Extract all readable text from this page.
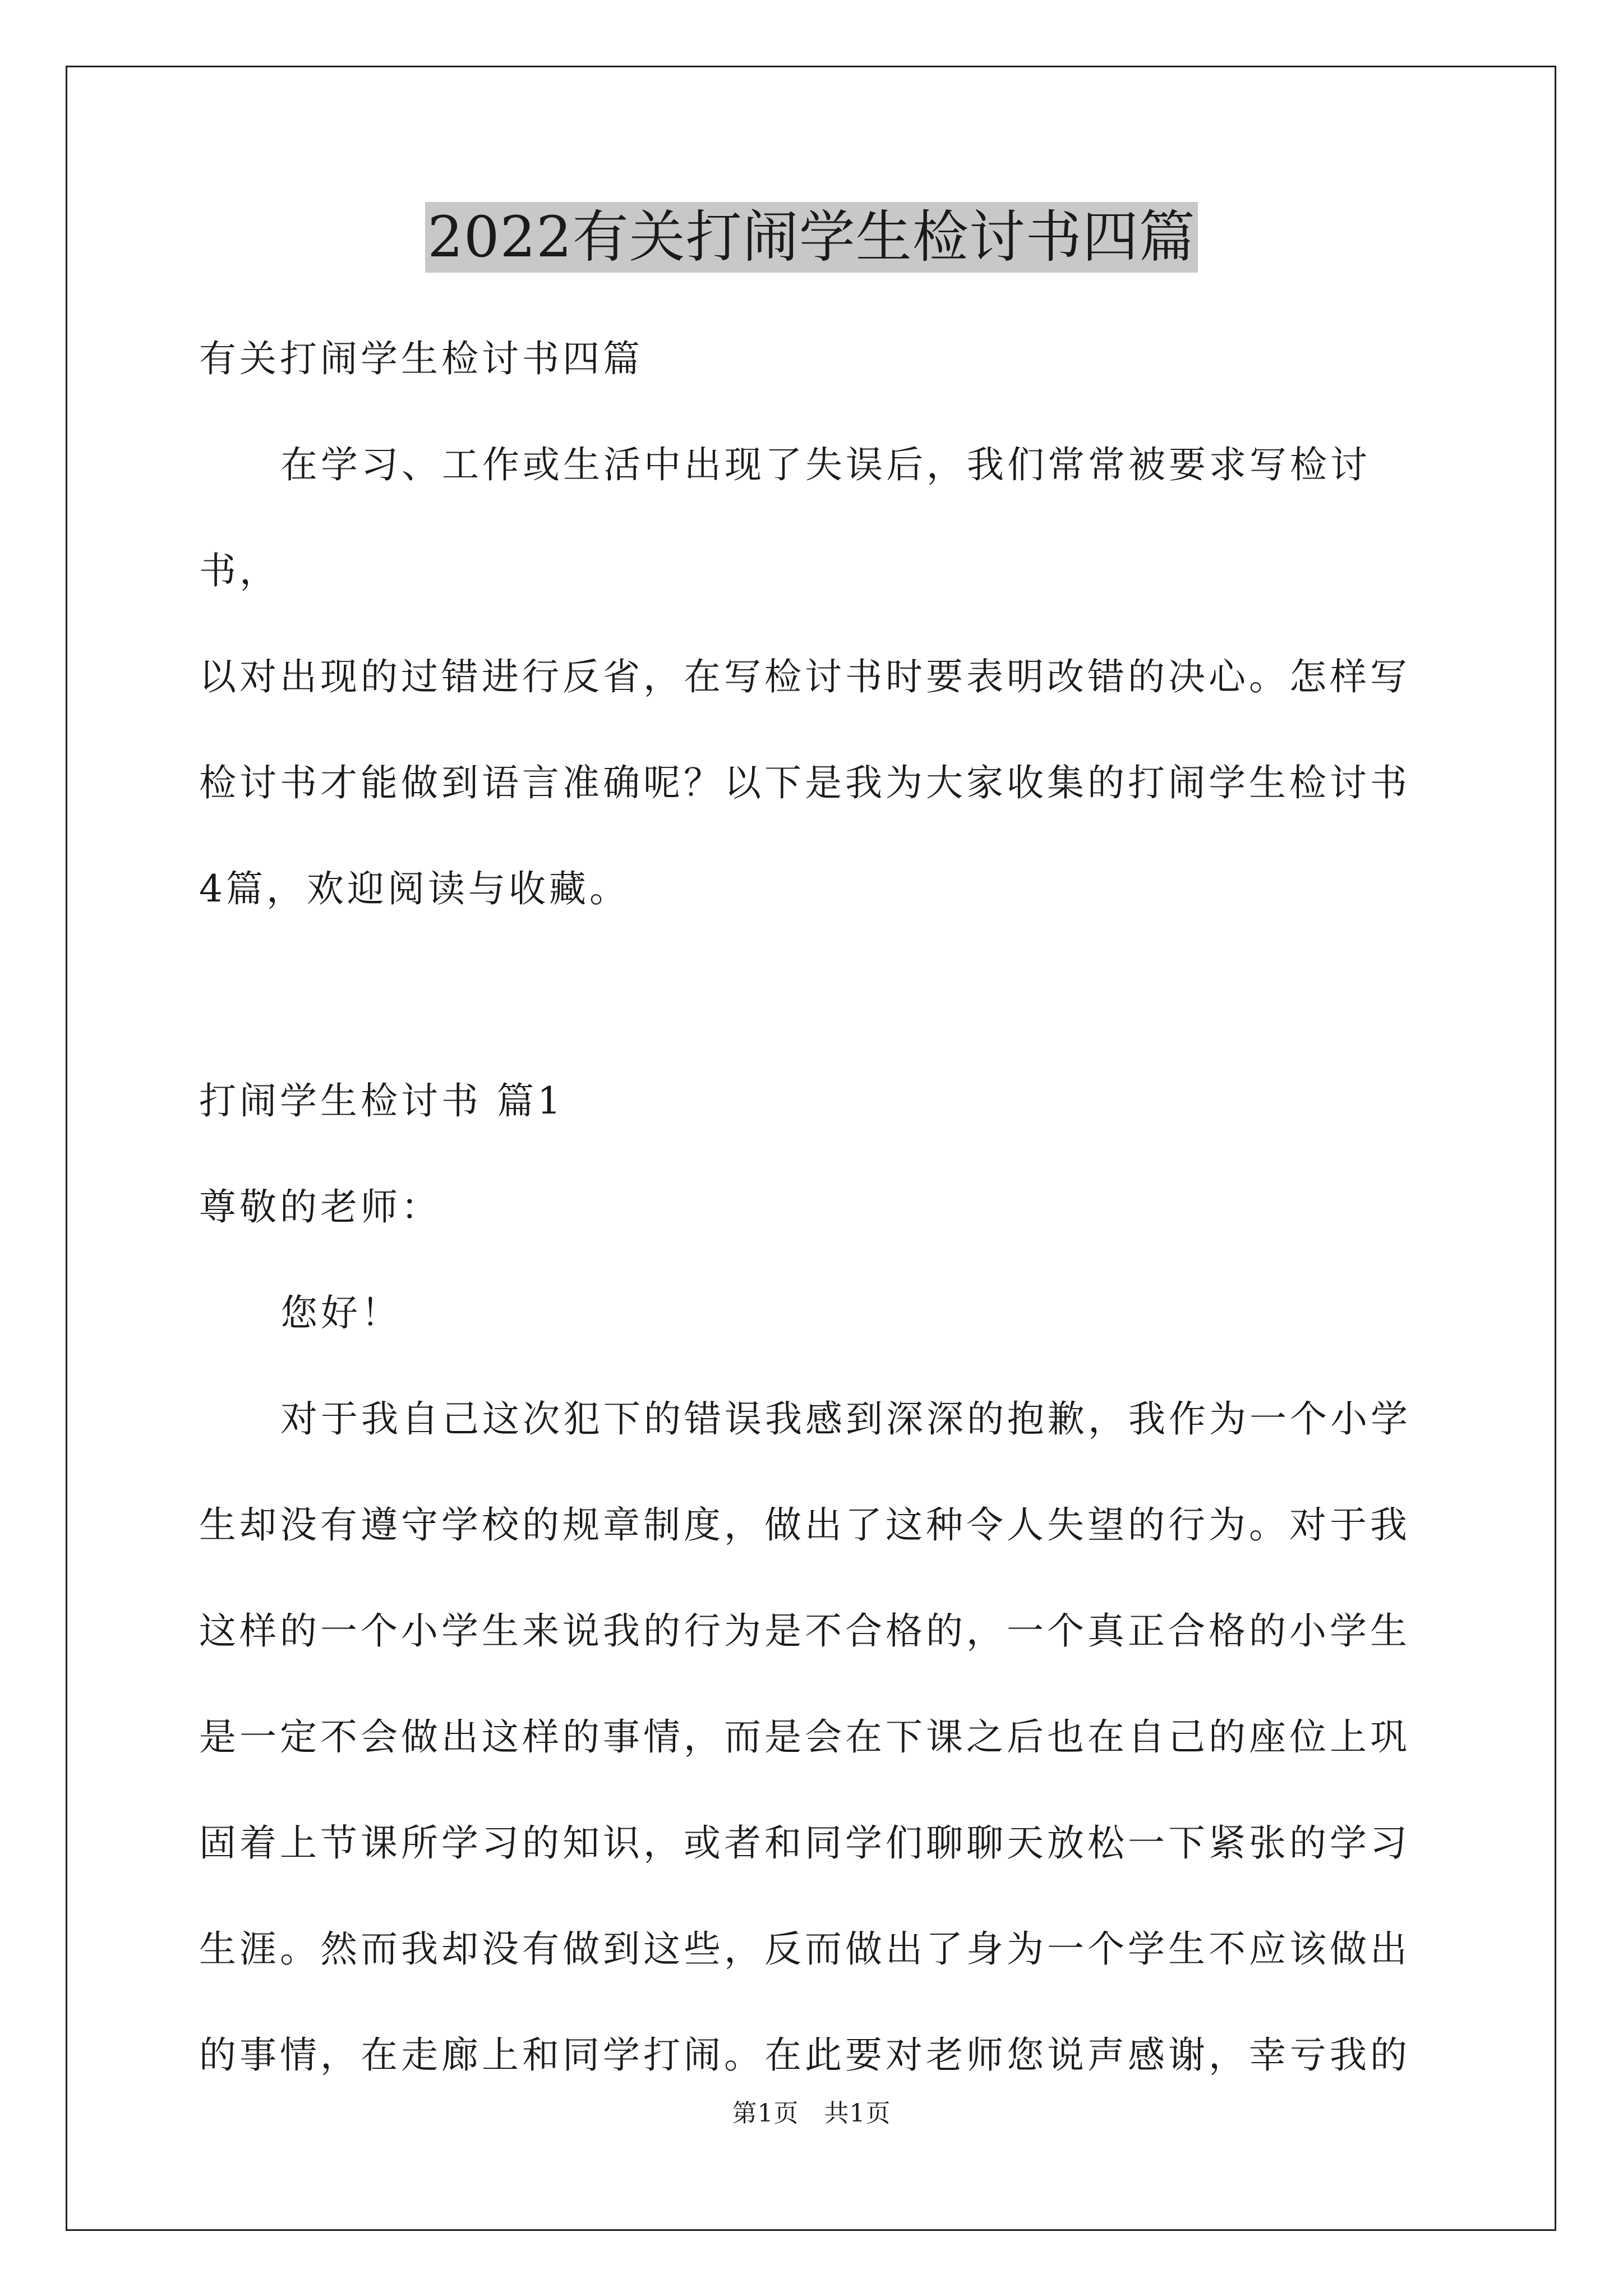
2022有关打闹学生检讨书四篇

有关打闹学生检讨书四篇

在学习、工作或生活中出现了失误后，我们常常被要求写检讨书，

以对出现的过错进行反省，在写检讨书时要表明改错的决心。怎样写

检讨书才能做到语言准确呢？以下是我为大家收集的打闹学生检讨书

4篇，欢迎阅读与收藏。

打闹学生检讨书 篇1

尊敬的老师：

您好！

对于我自己这次犯下的错误我感到深深的抱歉，我作为一个小学

生却没有遵守学校的规章制度，做出了这种令人失望的行为。对于我

这样的一个小学生来说我的行为是不合格的，一个真正合格的小学生

是一定不会做出这样的事情，而是会在下课之后也在自己的座位上巩

固着上节课所学习的知识，或者和同学们聊聊天放松一下紧张的学习

生涯。然而我却没有做到这些，反而做出了身为一个学生不应该做出

的事情，在走廊上和同学打闹。在此要对老师您说声感谢，幸亏我的

第1页　共1页
